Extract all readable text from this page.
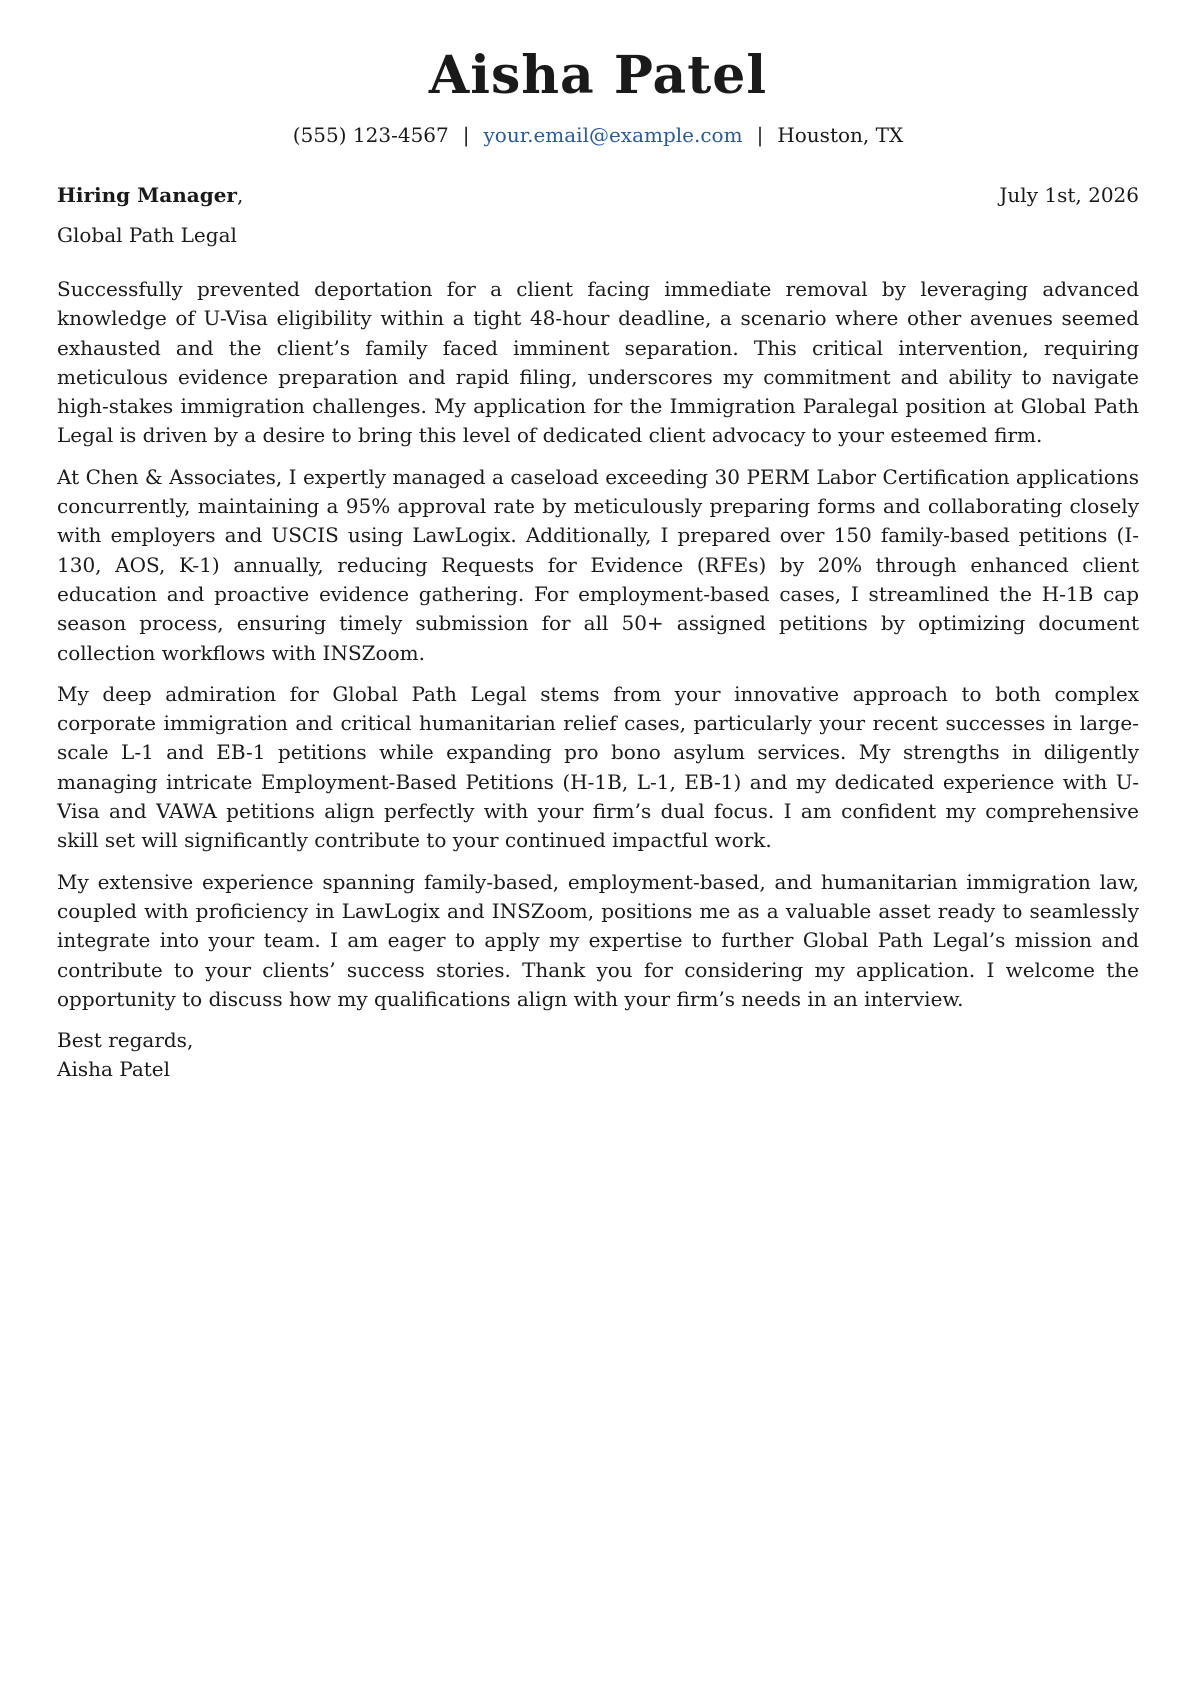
Aisha Patel
(555) 123-4567 | your.email@example.com | Houston, TX
Hiring Manager,	July 1st, 2026
Global Path Legal

Successfully prevented deportation for a client facing immediate removal by leveraging advanced knowledge of U-Visa eligibility within a tight 48-hour deadline, a scenario where other avenues seemed exhausted and the client’s family faced imminent separation. This critical intervention, requiring meticulous evidence preparation and rapid filing, underscores my commitment and ability to navigate high-stakes immigration challenges. My application for the Immigration Paralegal position at Global Path Legal is driven by a desire to bring this level of dedicated client advocacy to your esteemed firm.

At Chen & Associates, I expertly managed a caseload exceeding 30 PERM Labor Certification applications concurrently, maintaining a 95% approval rate by meticulously preparing forms and collaborating closely with employers and USCIS using LawLogix. Additionally, I prepared over 150 family-based petitions (I-130, AOS, K-1) annually, reducing Requests for Evidence (RFEs) by 20% through enhanced client education and proactive evidence gathering. For employment-based cases, I streamlined the H-1B cap season process, ensuring timely submission for all 50+ assigned petitions by optimizing document collection workflows with INSZoom.

My deep admiration for Global Path Legal stems from your innovative approach to both complex corporate immigration and critical humanitarian relief cases, particularly your recent successes in large-scale L-1 and EB-1 petitions while expanding pro bono asylum services. My strengths in diligently managing intricate Employment-Based Petitions (H-1B, L-1, EB-1) and my dedicated experience with U-Visa and VAWA petitions align perfectly with your firm’s dual focus. I am confident my comprehensive skill set will significantly contribute to your continued impactful work.

My extensive experience spanning family-based, employment-based, and humanitarian immigration law, coupled with proficiency in LawLogix and INSZoom, positions me as a valuable asset ready to seamlessly integrate into your team. I am eager to apply my expertise to further Global Path Legal’s mission and contribute to your clients’ success stories. Thank you for considering my application. I welcome the opportunity to discuss how my qualifications align with your firm’s needs in an interview.

Best regards,
Aisha Patel
